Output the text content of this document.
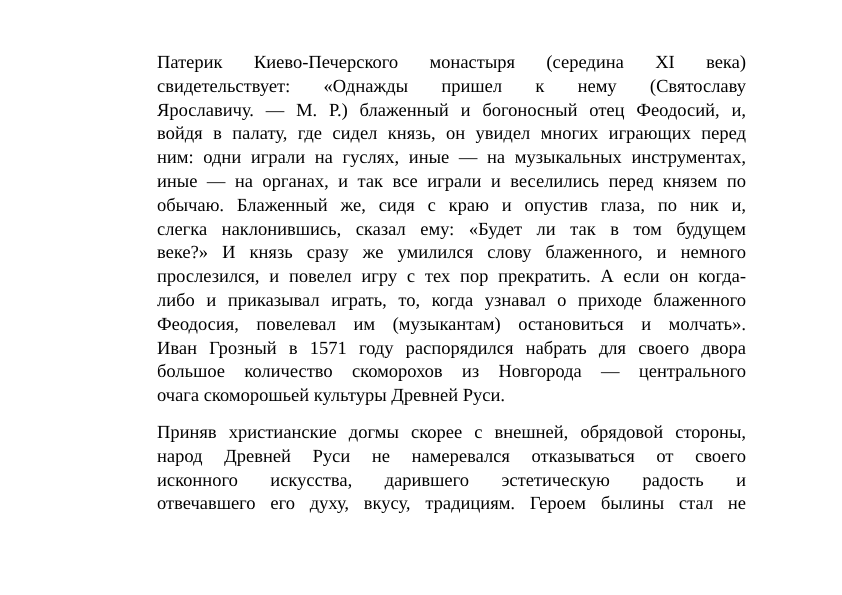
Патерик Киево-Печерского монастыря (середина XI века)
свидетельствует: «Однажды пришел к нему (Святославу
Ярославичу. — М. Р.) блаженный и богоносный отец Феодосий, и,
войдя в палату, где сидел князь, он увидел многих играющих перед
ним: одни играли на гуслях, иные — на музыкальных инструментах,
иные — на органах, и так все играли и веселились перед князем по
обычаю. Блаженный же, сидя с краю и опустив глаза, по ник и,
слегка наклонившись, сказал ему: «Будет ли так в том будущем
веке?» И князь сразу же умилился слову блаженного, и немного
прослезился, и повелел игру с тех пор прекратить. А если он когда-
либо и приказывал играть, то, когда узнавал о приходе блаженного
Феодосия, повелевал им (музыкантам) остановиться и молчать».
Иван Грозный в 1571 году распорядился набрать для своего двора
большое количество скоморохов из Новгорода — центрального
очага скоморошьей культуры Древней Руси.
Приняв христианские догмы скорее с внешней, обрядовой стороны,
народ Древней Руси не намеревался отказываться от своего
исконного искусства, дарившего эстетическую радость и
отвечавшего его духу, вкусу, традициям. Героем былины стал не
